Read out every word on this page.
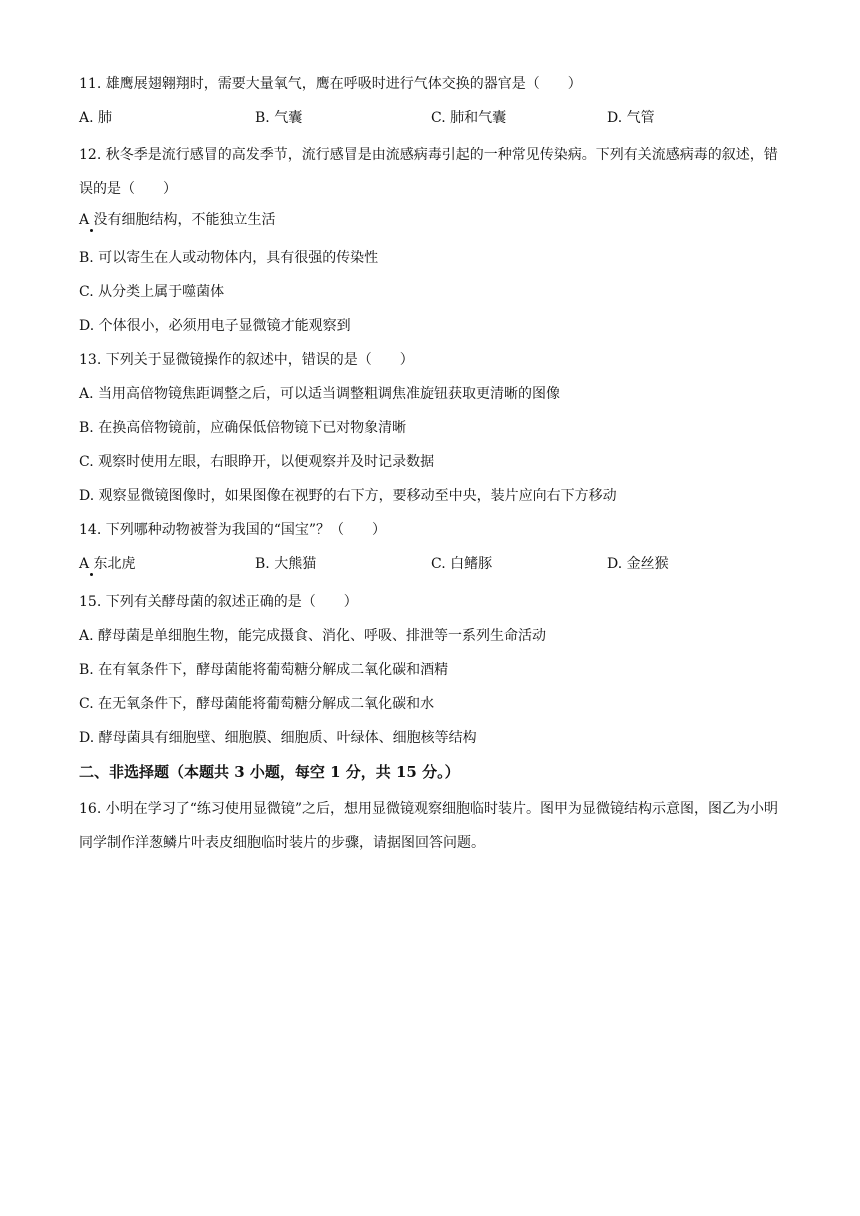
11. 雄鹰展翅翱翔时，需要大量氧气，鹰在呼吸时进行气体交换的器官是（　　）
A. 肺	B. 气囊	C. 肺和气囊	D. 气管
12. 秋冬季是流行感冒的高发季节，流行感冒是由流感病毒引起的一种常见传染病。下列有关流感病毒的叙述，错误的是（　　）
A 没有细胞结构，不能独立生活
B. 可以寄生在人或动物体内，具有很强的传染性
C. 从分类上属于噬菌体
D. 个体很小，必须用电子显微镜才能观察到
13. 下列关于显微镜操作的叙述中，错误的是（　　）
A. 当用高倍物镜焦距调整之后，可以适当调整粗调焦准旋钮获取更清晰的图像
B. 在换高倍物镜前，应确保低倍物镜下已对物象清晰
C. 观察时使用左眼，右眼睁开，以便观察并及时记录数据
D. 观察显微镜图像时，如果图像在视野的右下方，要移动至中央，装片应向右下方移动
14. 下列哪种动物被誉为我国的“国宝”？（　　）
A 东北虎	B. 大熊猫	C. 白鳍豚	D. 金丝猴
15. 下列有关酵母菌的叙述正确的是（　　）
A. 酵母菌是单细胞生物，能完成摄食、消化、呼吸、排泄等一系列生命活动
B. 在有氧条件下，酵母菌能将葡萄糖分解成二氧化碳和酒精
C. 在无氧条件下，酵母菌能将葡萄糖分解成二氧化碳和水
D. 酵母菌具有细胞壁、细胞膜、细胞质、叶绿体、细胞核等结构
二、非选择题（本题共 3 小题，每空 1 分，共 15 分。）
16. 小明在学习了“练习使用显微镜”之后，想用显微镜观察细胞临时装片。图甲为显微镜结构示意图，图乙为小明同学制作洋葱鳞片叶表皮细胞临时装片的步骤，请据图回答问题。
